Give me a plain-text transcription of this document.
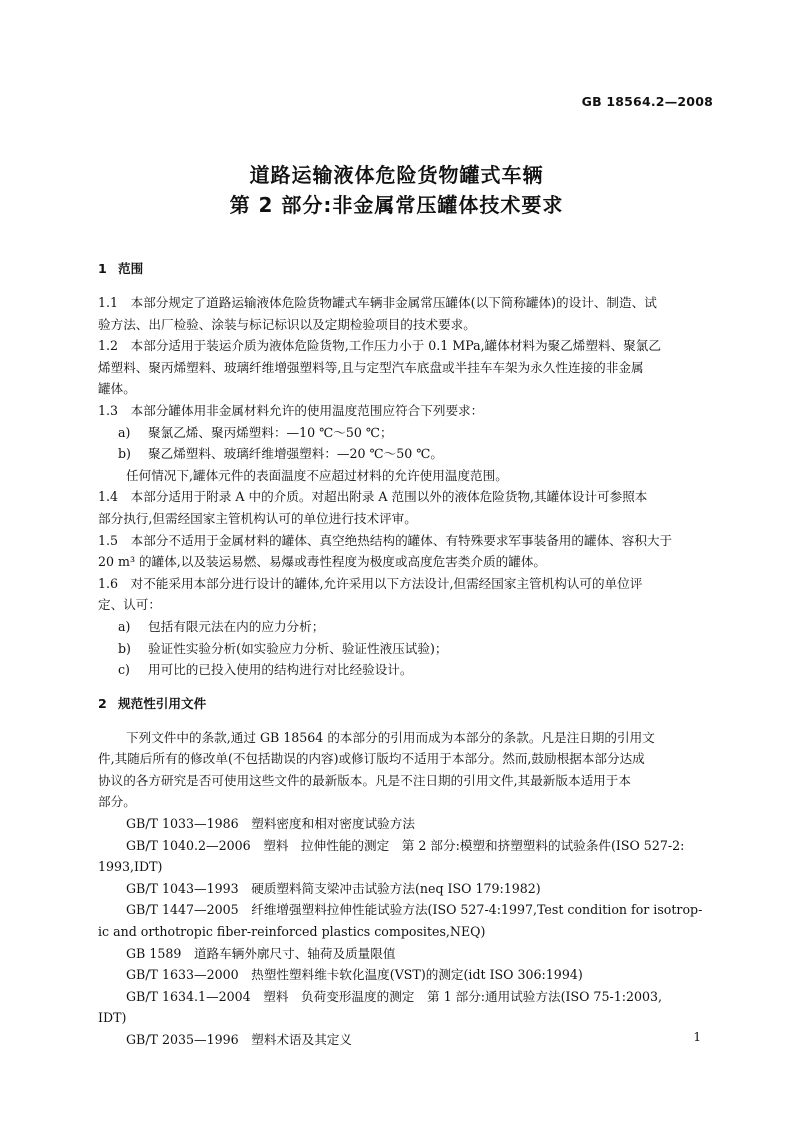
GB 18564.2—2008
道路运输液体危险货物罐式车辆
第 2 部分:非金属常压罐体技术要求
1 范围
1.1　本部分规定了道路运输液体危险货物罐式车辆非金属常压罐体(以下简称罐体)的设计、制造、试
验方法、出厂检验、涂装与标记标识以及定期检验项目的技术要求。
1.2　本部分适用于装运介质为液体危险货物,工作压力小于 0.1 MPa,罐体材料为聚乙烯塑料、聚氯乙
烯塑料、聚丙烯塑料、玻璃纤维增强塑料等,且与定型汽车底盘或半挂车车架为永久性连接的非金属
罐体。
1.3　本部分罐体用非金属材料允许的使用温度范围应符合下列要求：
a) 聚氯乙烯、聚丙烯塑料：—10 ℃～50 ℃；
b) 聚乙烯塑料、玻璃纤维增强塑料：—20 ℃～50 ℃。
任何情况下,罐体元件的表面温度不应超过材料的允许使用温度范围。
1.4　本部分适用于附录 A 中的介质。对超出附录 A 范围以外的液体危险货物,其罐体设计可参照本
部分执行,但需经国家主管机构认可的单位进行技术评审。
1.5　本部分不适用于金属材料的罐体、真空绝热结构的罐体、有特殊要求军事装备用的罐体、容积大于
20 m³ 的罐体,以及装运易燃、易爆或毒性程度为极度或高度危害类介质的罐体。
1.6　对不能采用本部分进行设计的罐体,允许采用以下方法设计,但需经国家主管机构认可的单位评
定、认可：
a) 包括有限元法在内的应力分析；
b) 验证性实验分析(如实验应力分析、验证性液压试验)；
c) 用可比的已投入使用的结构进行对比经验设计。
2 规范性引用文件
下列文件中的条款,通过 GB 18564 的本部分的引用而成为本部分的条款。凡是注日期的引用文
件,其随后所有的修改单(不包括勘误的内容)或修订版均不适用于本部分。然而,鼓励根据本部分达成
协议的各方研究是否可使用这些文件的最新版本。凡是不注日期的引用文件,其最新版本适用于本
部分。
GB/T 1033—1986　塑料密度和相对密度试验方法
GB/T 1040.2—2006　塑料　拉伸性能的测定　第 2 部分:模塑和挤塑塑料的试验条件(ISO 527-2:
1993,IDT)
GB/T 1043—1993　硬质塑料简支梁冲击试验方法(neq ISO 179:1982)
GB/T 1447—2005　纤维增强塑料拉伸性能试验方法(ISO 527-4:1997,Test condition for isotrop-
ic and orthotropic fiber-reinforced plastics composites,NEQ)
GB 1589　道路车辆外廓尺寸、轴荷及质量限值
GB/T 1633—2000　热塑性塑料维卡软化温度(VST)的测定(idt ISO 306:1994)
GB/T 1634.1—2004　塑料　负荷变形温度的测定　第 1 部分:通用试验方法(ISO 75-1:2003,
IDT)
GB/T 2035—1996　塑料术语及其定义	1
